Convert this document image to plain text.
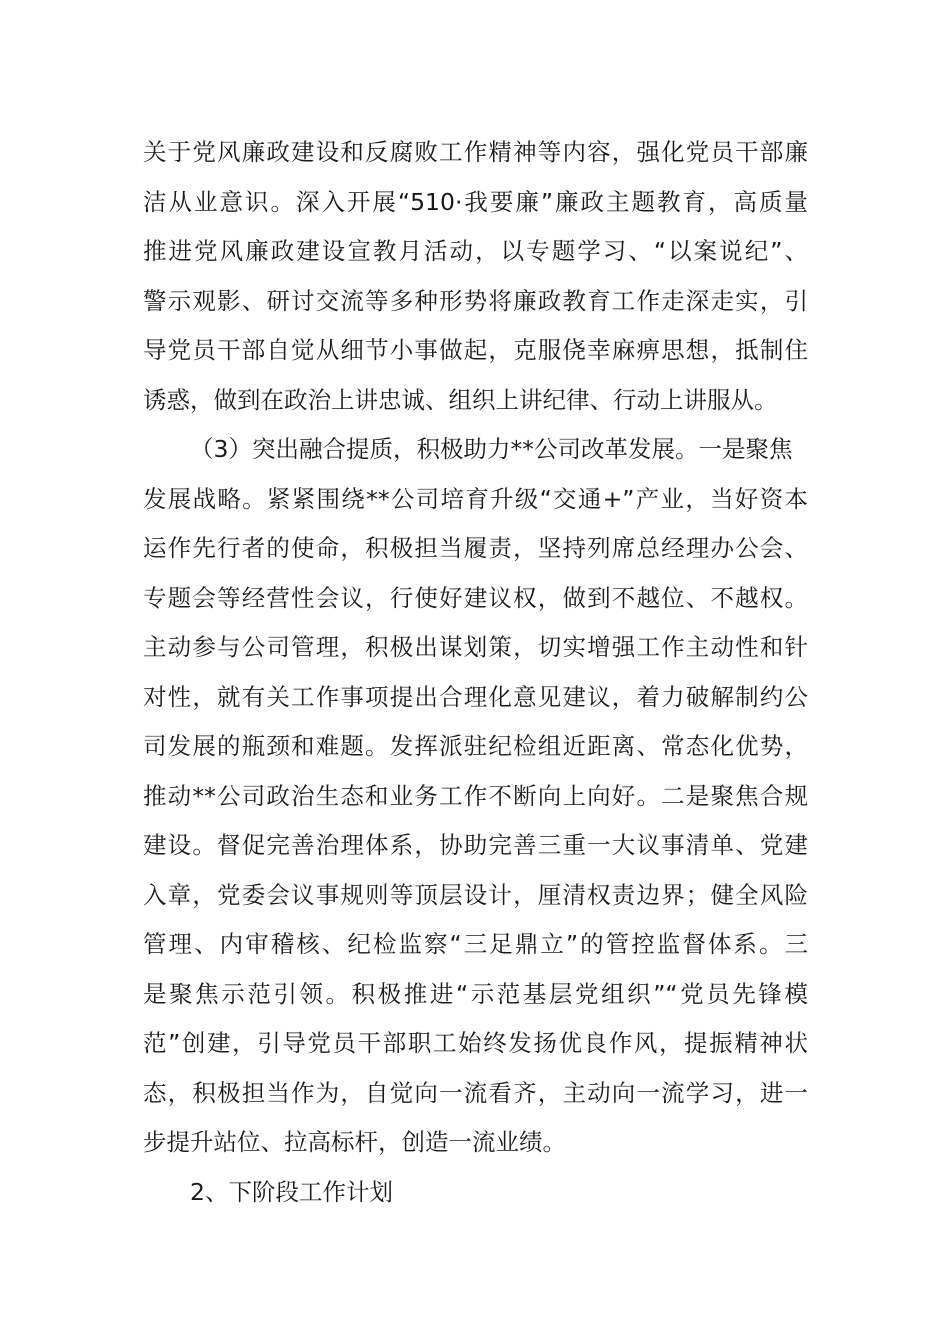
关于党风廉政建设和反腐败工作精神等内容，强化党员干部廉
洁从业意识。深入开展“510·我要廉”廉政主题教育，高质量
推进党风廉政建设宣教月活动，以专题学习、“以案说纪”、
警示观影、研讨交流等多种形势将廉政教育工作走深走实，引
导党员干部自觉从细节小事做起，克服侥幸麻痹思想，抵制住
诱惑，做到在政治上讲忠诚、组织上讲纪律、行动上讲服从。
（3）突出融合提质，积极助力**公司改革发展。一是聚焦
发展战略。紧紧围绕**公司培育升级“交通+”产业，当好资本
运作先行者的使命，积极担当履责，坚持列席总经理办公会、
专题会等经营性会议，行使好建议权，做到不越位、不越权。
主动参与公司管理，积极出谋划策，切实增强工作主动性和针
对性，就有关工作事项提出合理化意见建议，着力破解制约公
司发展的瓶颈和难题。发挥派驻纪检组近距离、常态化优势，
推动**公司政治生态和业务工作不断向上向好。二是聚焦合规
建设。督促完善治理体系，协助完善三重一大议事清单、党建
入章，党委会议事规则等顶层设计，厘清权责边界；健全风险
管理、内审稽核、纪检监察“三足鼎立”的管控监督体系。三
是聚焦示范引领。积极推进“示范基层党组织”“党员先锋模
范”创建，引导党员干部职工始终发扬优良作风，提振精神状
态，积极担当作为，自觉向一流看齐，主动向一流学习，进一
步提升站位、拉高标杆，创造一流业绩。
2、下阶段工作计划
